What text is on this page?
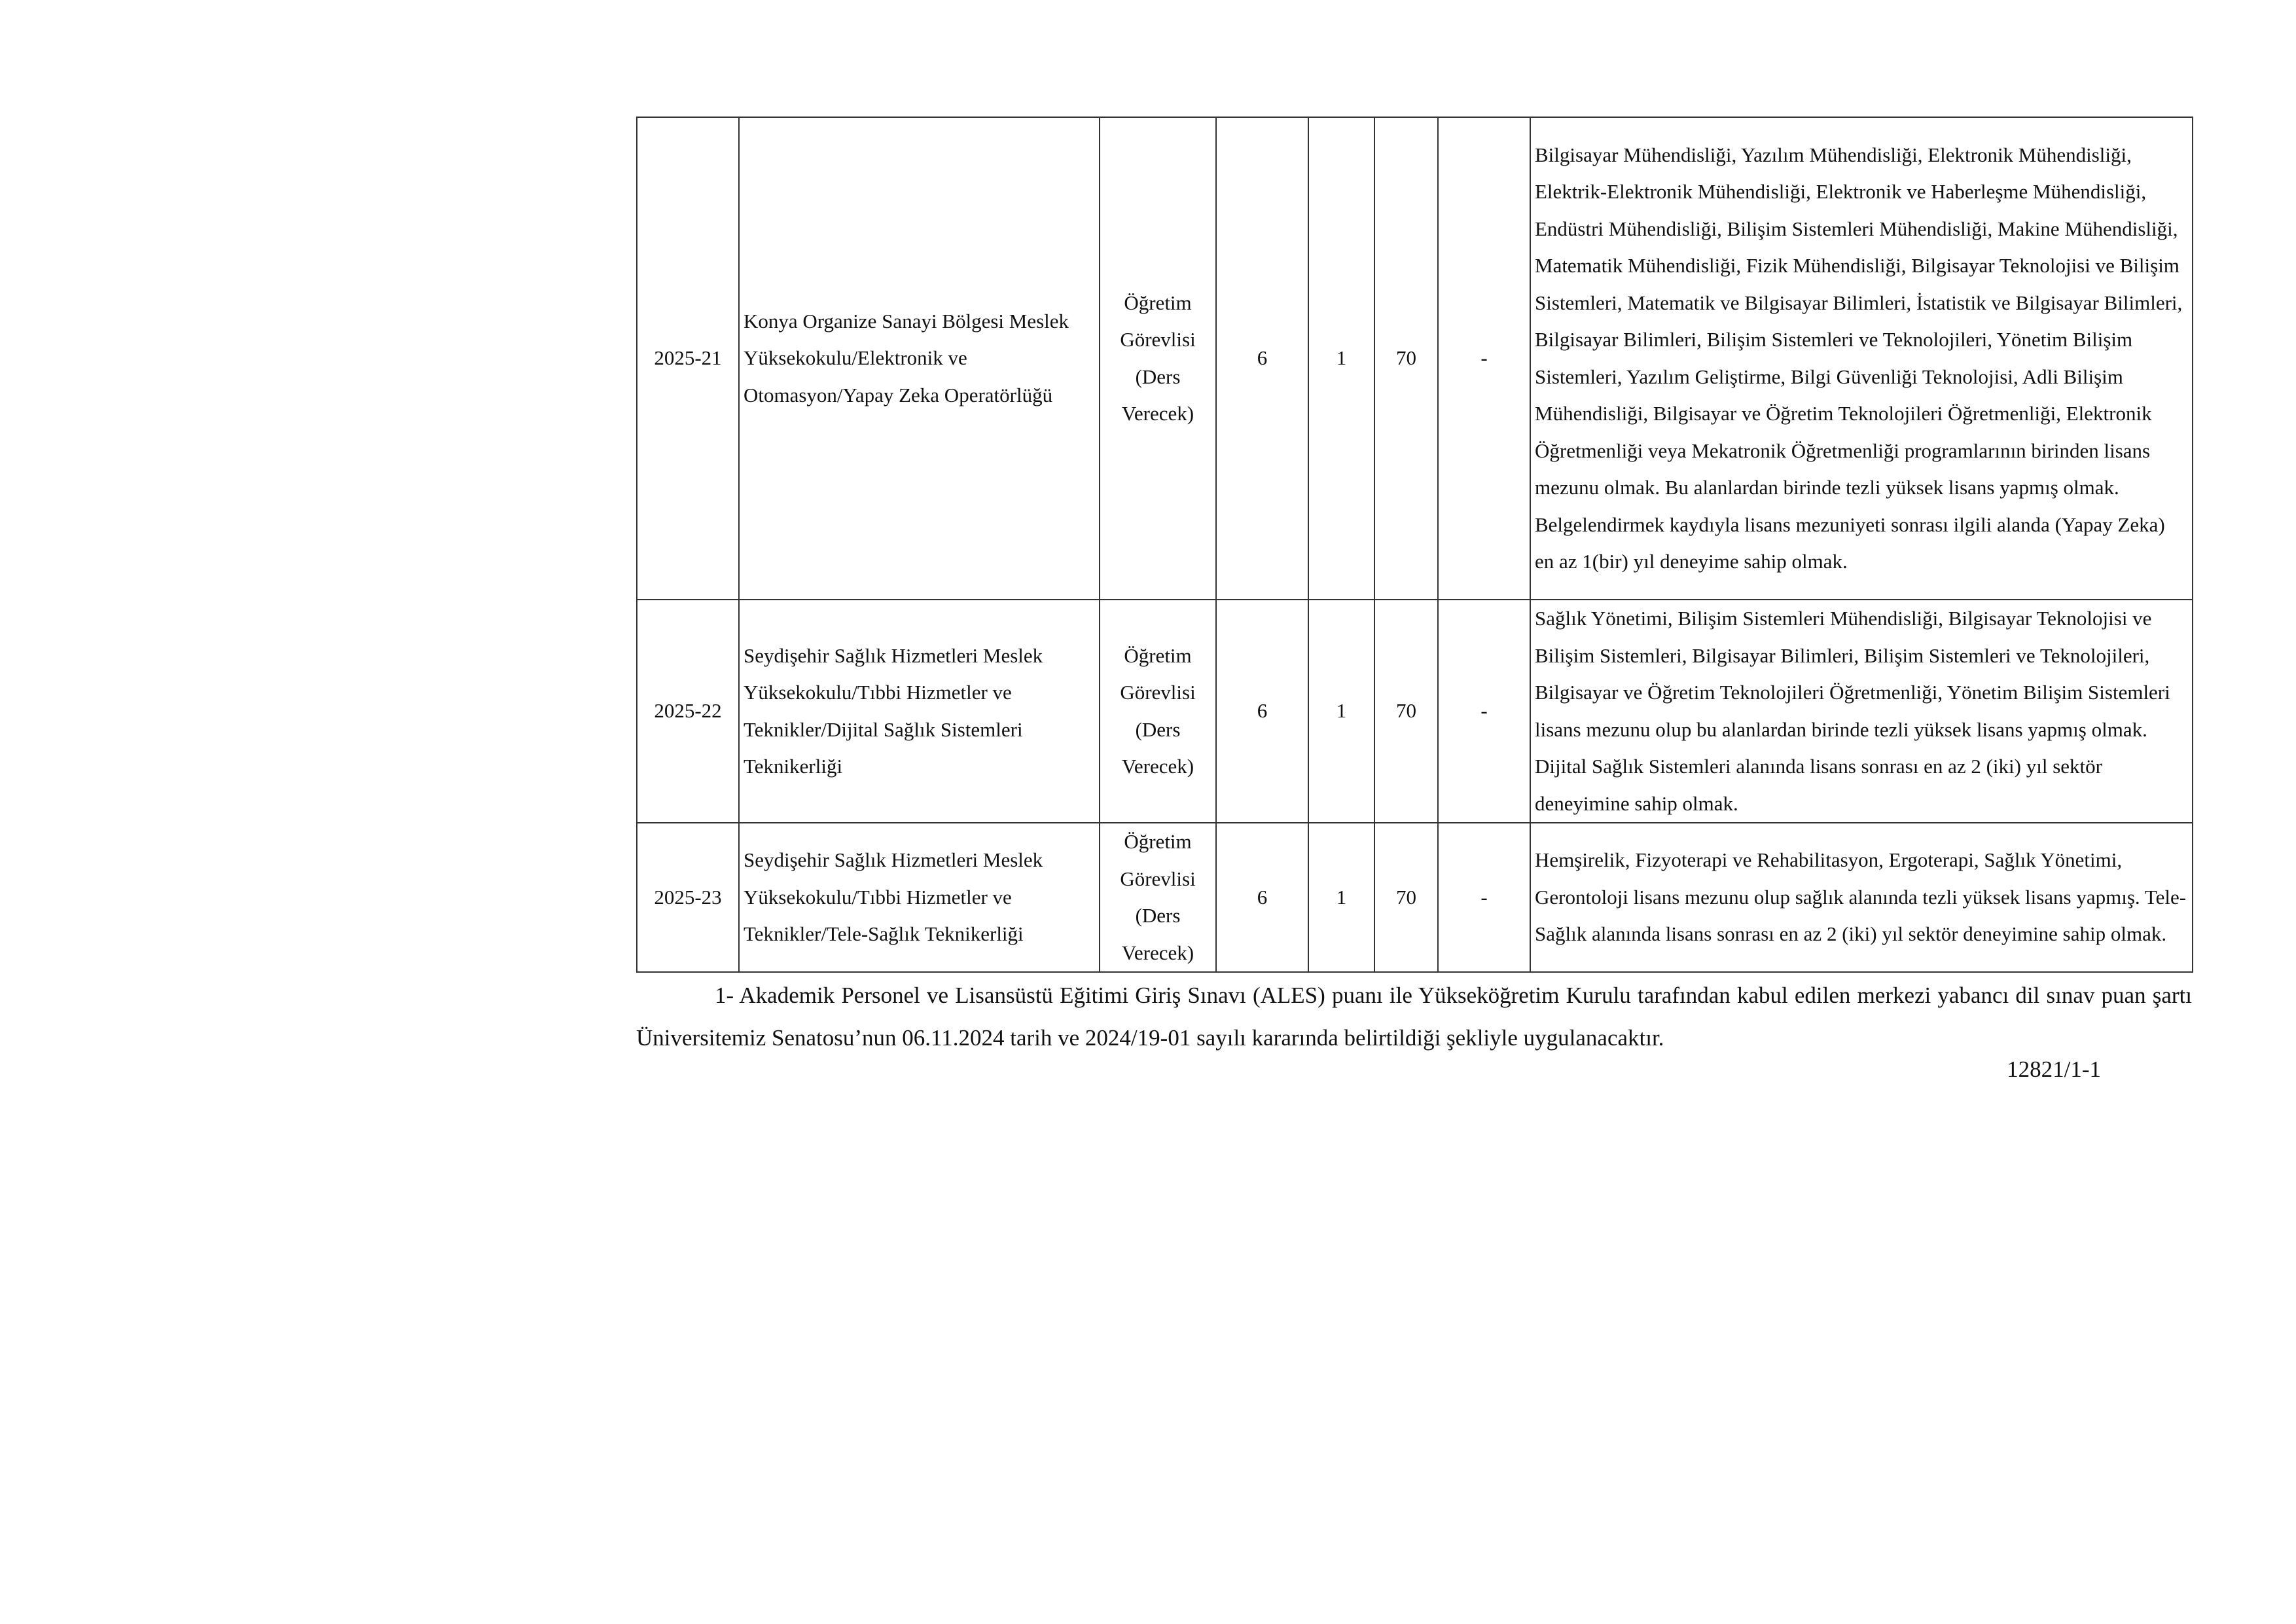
2025-21	Konya Organize Sanayi Bölgesi Meslek Yüksekokulu/Elektronik ve Otomasyon/Yapay Zeka Operatörlüğü	Öğretim Görevlisi (Ders Verecek)	6	1	70	-	Bilgisayar Mühendisliği, Yazılım Mühendisliği, Elektronik Mühendisliği, Elektrik-Elektronik Mühendisliği, Elektronik ve Haberleşme Mühendisliği, Endüstri Mühendisliği, Bilişim Sistemleri Mühendisliği, Makine Mühendisliği, Matematik Mühendisliği, Fizik Mühendisliği, Bilgisayar Teknolojisi ve Bilişim Sistemleri, Matematik ve Bilgisayar Bilimleri, İstatistik ve Bilgisayar Bilimleri, Bilgisayar Bilimleri, Bilişim Sistemleri ve Teknolojileri, Yönetim Bilişim Sistemleri, Yazılım Geliştirme, Bilgi Güvenliği Teknolojisi, Adli Bilişim Mühendisliği, Bilgisayar ve Öğretim Teknolojileri Öğretmenliği, Elektronik Öğretmenliği veya Mekatronik Öğretmenliği programlarının birinden lisans mezunu olmak. Bu alanlardan birinde tezli yüksek lisans yapmış olmak. Belgelendirmek kaydıyla lisans mezuniyeti sonrası ilgili alanda (Yapay Zeka) en az 1(bir) yıl deneyime sahip olmak.
2025-22	Seydişehir Sağlık Hizmetleri Meslek Yüksekokulu/Tıbbi Hizmetler ve Teknikler/Dijital Sağlık Sistemleri Teknikerliği	Öğretim Görevlisi (Ders Verecek)	6	1	70	-	Sağlık Yönetimi, Bilişim Sistemleri Mühendisliği, Bilgisayar Teknolojisi ve Bilişim Sistemleri, Bilgisayar Bilimleri, Bilişim Sistemleri ve Teknolojileri, Bilgisayar ve Öğretim Teknolojileri Öğretmenliği, Yönetim Bilişim Sistemleri lisans mezunu olup bu alanlardan birinde tezli yüksek lisans yapmış olmak. Dijital Sağlık Sistemleri alanında lisans sonrası en az 2 (iki) yıl sektör deneyimine sahip olmak.
2025-23	Seydişehir Sağlık Hizmetleri Meslek Yüksekokulu/Tıbbi Hizmetler ve Teknikler/Tele-Sağlık Teknikerliği	Öğretim Görevlisi (Ders Verecek)	6	1	70	-	Hemşirelik, Fizyoterapi ve Rehabilitasyon, Ergoterapi, Sağlık Yönetimi, Gerontoloji lisans mezunu olup sağlık alanında tezli yüksek lisans yapmış. Tele-Sağlık alanında lisans sonrası en az 2 (iki) yıl sektör deneyimine sahip olmak.

1- Akademik Personel ve Lisansüstü Eğitimi Giriş Sınavı (ALES) puanı ile Yükseköğretim Kurulu tarafından kabul edilen merkezi yabancı dil sınav puan şartı Üniversitemiz Senatosu’nun 06.11.2024 tarih ve 2024/19-01 sayılı kararında belirtildiği şekliyle uygulanacaktır.

12821/1-1
